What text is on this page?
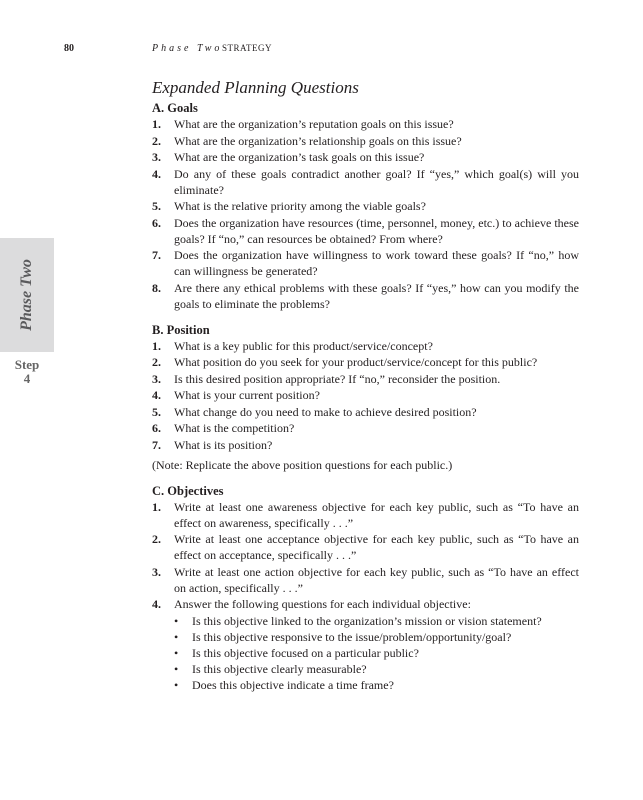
80	Phase Two STRATEGY
Phase Two
Step
4
Expanded Planning Questions

A. Goals

1. What are the organization’s reputation goals on this issue?
2. What are the organization’s relationship goals on this issue?
3. What are the organization’s task goals on this issue?
4. Do any of these goals contradict another goal? If “yes,” which goal(s) will you eliminate?
5. What is the relative priority among the viable goals?
6. Does the organization have resources (time, personnel, money, etc.) to achieve these goals? If “no,” can resources be obtained? From where?
7. Does the organization have willingness to work toward these goals? If “no,” how can willingness be generated?
8. Are there any ethical problems with these goals? If “yes,” how can you modify the goals to eliminate the problems?

B. Position

1. What is a key public for this product/service/concept?
2. What position do you seek for your product/service/concept for this public?
3. Is this desired position appropriate? If “no,” reconsider the position.
4. What is your current position?
5. What change do you need to make to achieve desired position?
6. What is the competition?
7. What is its position?

(Note: Replicate the above position questions for each public.)

C. Objectives

1. Write at least one awareness objective for each key public, such as “To have an effect on awareness, specifically . . .”
2. Write at least one acceptance objective for each key public, such as “To have an effect on acceptance, specifically . . .”
3. Write at least one action objective for each key public, such as “To have an effect on action, specifically . . .”
4. Answer the following questions for each individual objective:
• Is this objective linked to the organization’s mission or vision statement?
• Is this objective responsive to the issue/problem/opportunity/goal?
• Is this objective focused on a particular public?
• Is this objective clearly measurable?
• Does this objective indicate a time frame?
